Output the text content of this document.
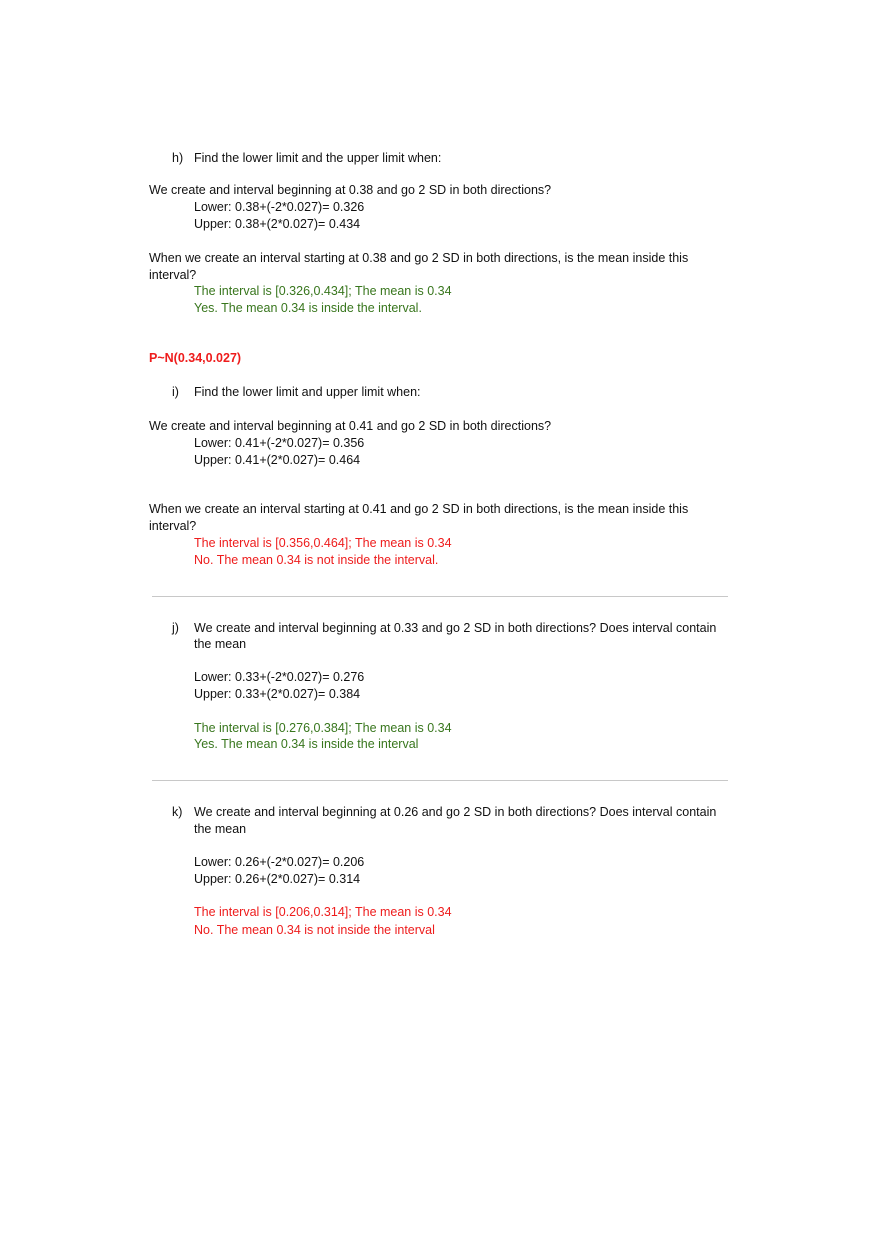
h) Find the lower limit and the upper limit when:
We create and interval beginning at 0.38 and go 2 SD in both directions?
Lower: 0.38+(-2*0.027)= 0.326
Upper: 0.38+(2*0.027)= 0.434
When we create an interval starting at 0.38 and go 2 SD in both directions, is the mean inside this
interval?
The interval is [0.326,0.434]; The mean is 0.34
Yes. The mean 0.34 is inside the interval.
P~N(0.34,0.027)
i) Find the lower limit and upper limit when:
We create and interval beginning at 0.41 and go 2 SD in both directions?
Lower: 0.41+(-2*0.027)= 0.356
Upper: 0.41+(2*0.027)= 0.464
When we create an interval starting at 0.41 and go 2 SD in both directions, is the mean inside this
interval?
The interval is [0.356,0.464]; The mean is 0.34
No. The mean 0.34 is not inside the interval.
j) We create and interval beginning at 0.33 and go 2 SD in both directions? Does interval contain
the mean
Lower: 0.33+(-2*0.027)= 0.276
Upper: 0.33+(2*0.027)= 0.384
The interval is [0.276,0.384]; The mean is 0.34
Yes. The mean 0.34 is inside the interval
k) We create and interval beginning at 0.26 and go 2 SD in both directions? Does interval contain
the mean
Lower: 0.26+(-2*0.027)= 0.206
Upper: 0.26+(2*0.027)= 0.314
The interval is [0.206,0.314]; The mean is 0.34
No. The mean 0.34 is not inside the interval
